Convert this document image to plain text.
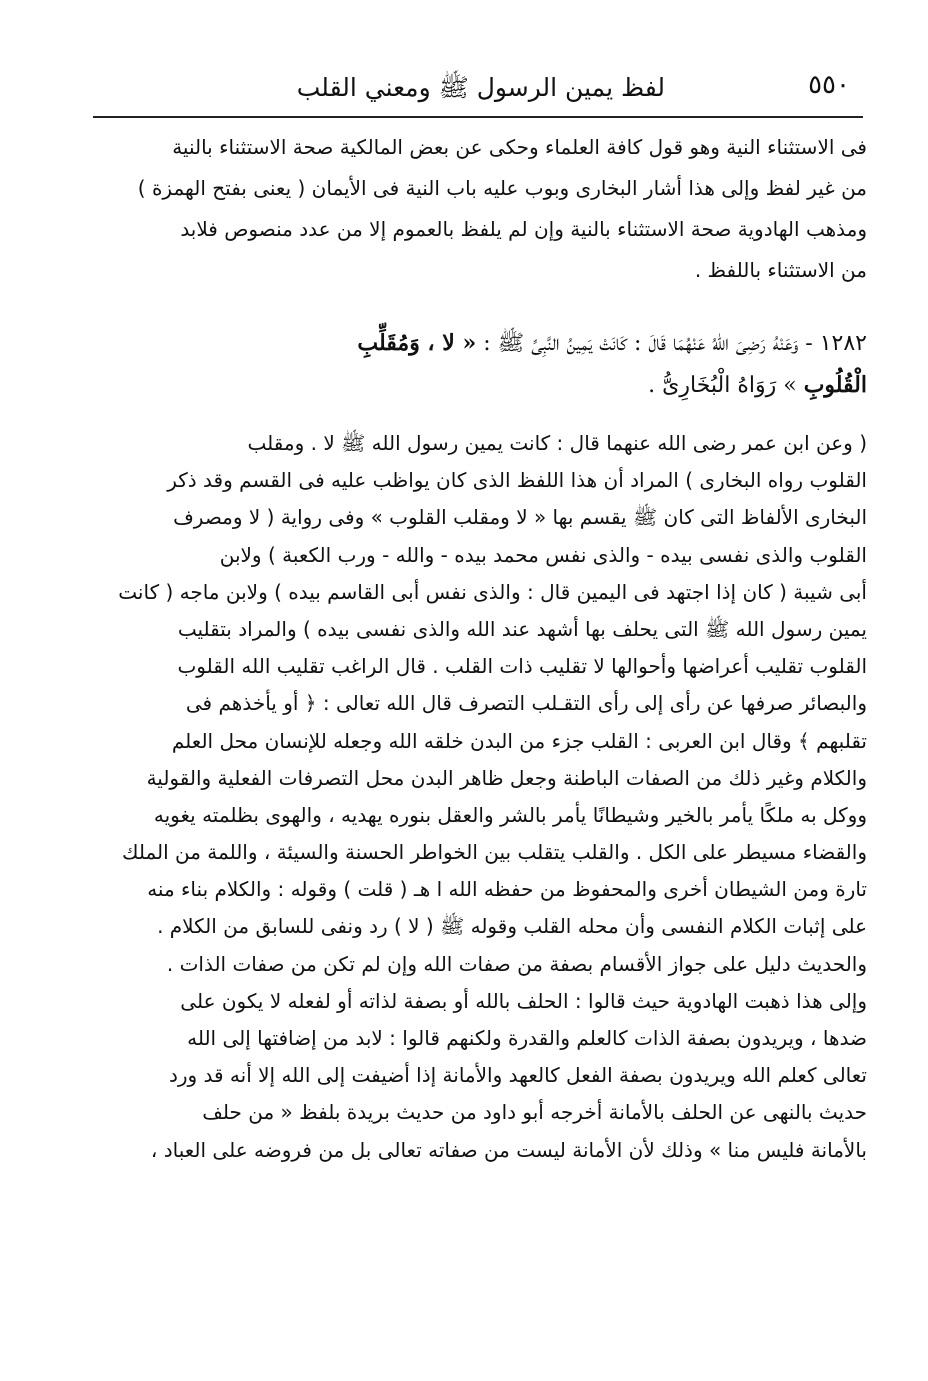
٥٥٠
لفظ يمين الرسول ﷺ ومعني القلب
فى الاستثناء النية وهو قول كافة العلماء وحكى عن بعض المالكية صحة الاستثناء بالنية
من غير لفظ وإلى هذا أشار البخارى وبوب عليه باب النية فى الأيمان ( يعنى بفتح الهمزة )
ومذهب الهادوية صحة الاستثناء بالنية وإن لم يلفظ بالعموم إلا من عدد منصوص فلابد
من الاستثناء باللفظ .
١٢٨٢ - وَعَنْهُ رَضِىَ اللهُ عَنْهُمَا قَالَ : كَانَتْ يَمِينُ النَّبِىِّ ﷺ : « لا ، وَمُقَلِّبِ
الْقُلُوبِ » رَوَاهُ الْبُخَارِىُّ .
( وعن ابن عمر رضى الله عنهما قال : كانت يمين رسول الله ﷺ لا . ومقلب
القلوب رواه البخارى ) المراد أن هذا اللفظ الذى كان يواظب عليه فى القسم وقد ذكر
البخارى الألفاظ التى كان ﷺ يقسم بها « لا ومقلب القلوب » وفى رواية ( لا ومصرف
القلوب والذى نفسى بيده - والذى نفس محمد بيده - والله - ورب الكعبة ) ولابن
أبى شيبة ( كان إذا اجتهد فى اليمين قال : والذى نفس أبى القاسم بيده ) ولابن ماجه ( كانت
يمين رسول الله ﷺ التى يحلف بها أشهد عند الله والذى نفسى بيده ) والمراد بتقليب
القلوب تقليب أعراضها وأحوالها لا تقليب ذات القلب . قال الراغب تقليب الله القلوب
والبصائر صرفها عن رأى إلى رأى التقـلب التصرف قال الله تعالى : ﴿ أو يأخذهم فى
تقلبهم ﴾ وقال ابن العربى : القلب جزء من البدن خلقه الله وجعله للإنسان محل العلم
والكلام وغير ذلك من الصفات الباطنة وجعل ظاهر البدن محل التصرفات الفعلية والقولية
ووكل به ملكًا يأمر بالخير وشيطانًا يأمر بالشر والعقل بنوره يهديه ، والهوى بظلمته يغويه
والقضاء مسيطر على الكل . والقلب يتقلب بين الخواطر الحسنة والسيئة ، واللمة من الملك
تارة ومن الشيطان أخرى والمحفوظ من حفظه الله ا هـ ( قلت ) وقوله : والكلام بناء منه
على إثبات الكلام النفسى وأن محله القلب وقوله ﷺ ( لا ) رد ونفى للسابق من الكلام .
والحديث دليل على جواز الأقسام بصفة من صفات الله وإن لم تكن من صفات الذات .
وإلى هذا ذهبت الهادوية حيث قالوا : الحلف بالله أو بصفة لذاته أو لفعله لا يكون على
ضدها ، ويريدون بصفة الذات كالعلم والقدرة ولكنهم قالوا : لابد من إضافتها إلى الله
تعالى كعلم الله ويريدون بصفة الفعل كالعهد والأمانة إذا أضيفت إلى الله إلا أنه قد ورد
حديث بالنهى عن الحلف بالأمانة أخرجه أبو داود من حديث بريدة بلفظ « من حلف
بالأمانة فليس منا » وذلك لأن الأمانة ليست من صفاته تعالى بل من فروضه على العباد ،
